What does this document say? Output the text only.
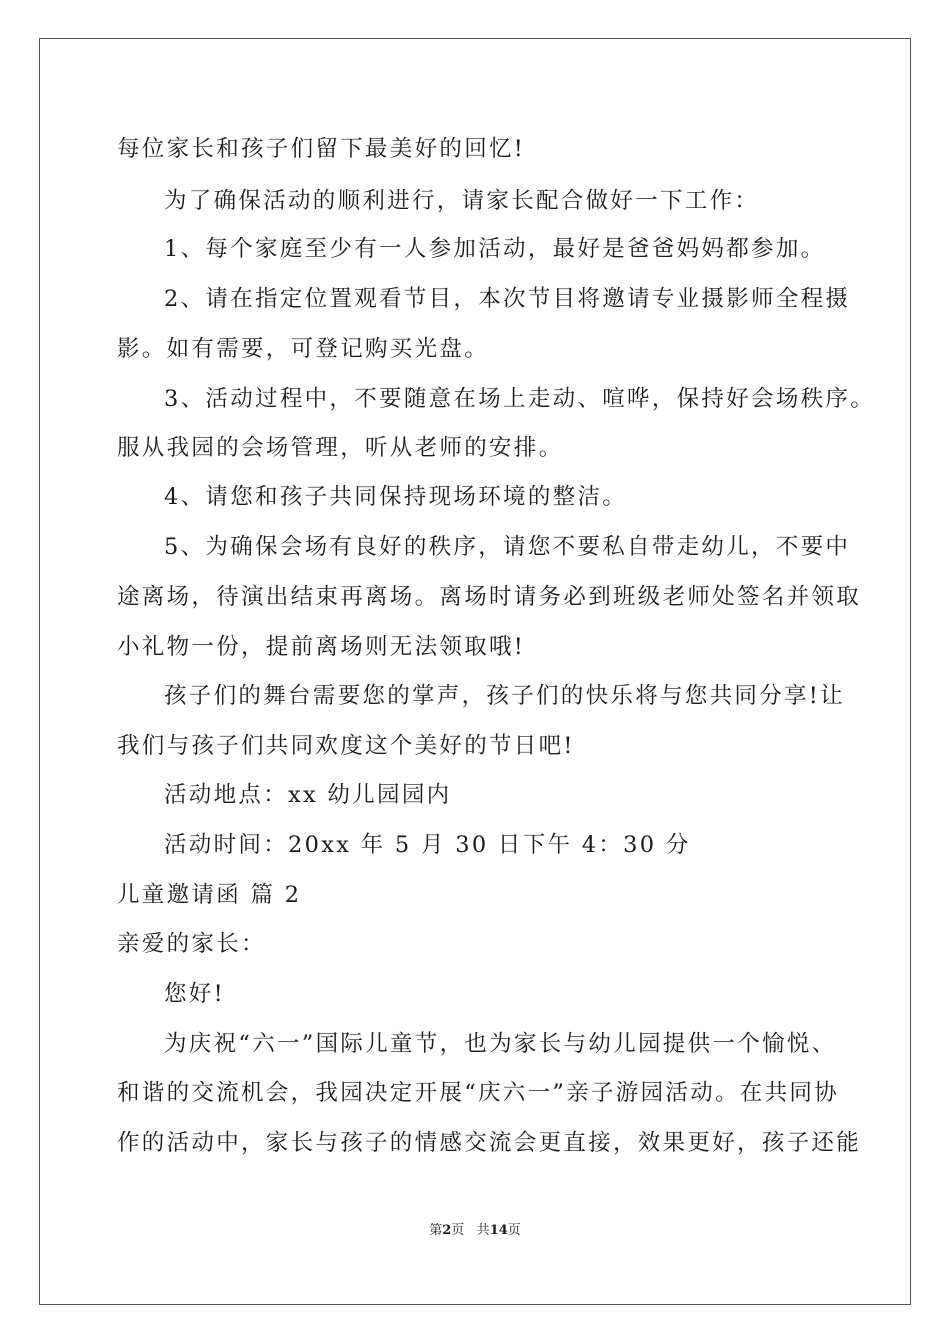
每位家长和孩子们留下最美好的回忆!
为了确保活动的顺利进行，请家长配合做好一下工作：
1、每个家庭至少有一人参加活动，最好是爸爸妈妈都参加。
2、请在指定位置观看节目，本次节目将邀请专业摄影师全程摄
影。如有需要，可登记购买光盘。
3、活动过程中，不要随意在场上走动、喧哗，保持好会场秩序。
服从我园的会场管理，听从老师的安排。
4、请您和孩子共同保持现场环境的整洁。
5、为确保会场有良好的秩序，请您不要私自带走幼儿，不要中
途离场，待演出结束再离场。离场时请务必到班级老师处签名并领取
小礼物一份，提前离场则无法领取哦!
孩子们的舞台需要您的掌声，孩子们的快乐将与您共同分享!让
我们与孩子们共同欢度这个美好的节日吧!
活动地点：xx 幼儿园园内
活动时间：20xx 年 5 月 30 日下午 4：30 分
儿童邀请函 篇 2
亲爱的家长：
您好!
为庆祝“六一”国际儿童节，也为家长与幼儿园提供一个愉悦、
和谐的交流机会，我园决定开展“庆六一”亲子游园活动。在共同协
作的活动中，家长与孩子的情感交流会更直接，效果更好，孩子还能
第2页 共14页
